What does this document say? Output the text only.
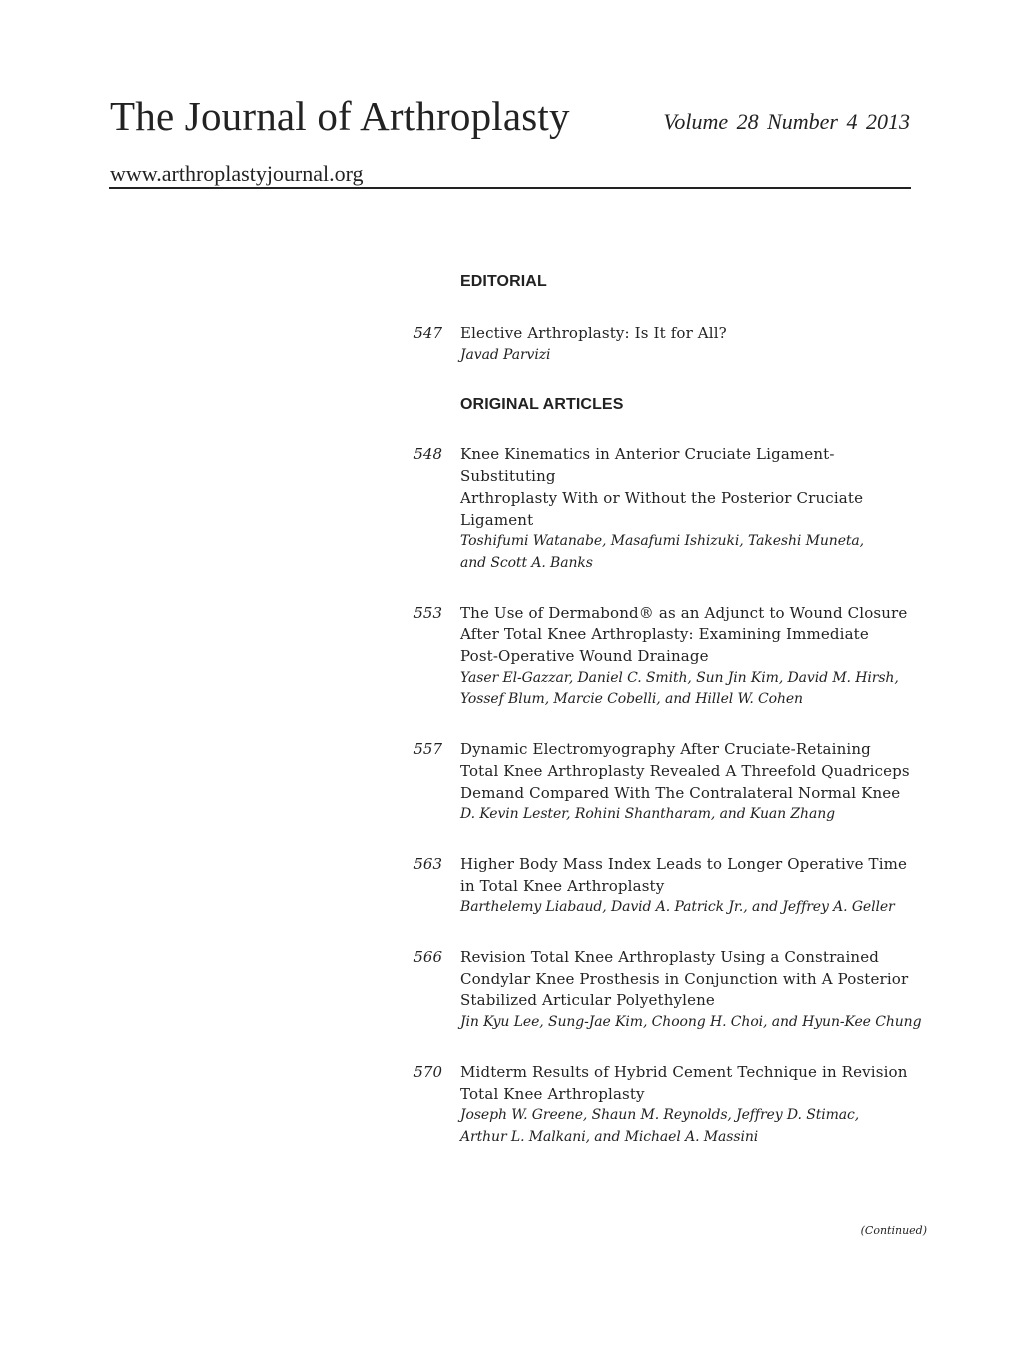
The Journal of Arthroplasty	Volume 28 Number 4 2013
www.arthroplastyjournal.org
EDITORIAL
547 Elective Arthroplasty: Is It for All?
Javad Parvizi
ORIGINAL ARTICLES
548 Knee Kinematics in Anterior Cruciate Ligament-Substituting
Arthroplasty With or Without the Posterior Cruciate Ligament
Toshifumi Watanabe, Masafumi Ishizuki, Takeshi Muneta,
and Scott A. Banks
553 The Use of Dermabond® as an Adjunct to Wound Closure
After Total Knee Arthroplasty: Examining Immediate
Post-Operative Wound Drainage
Yaser El-Gazzar, Daniel C. Smith, Sun Jin Kim, David M. Hirsh,
Yossef Blum, Marcie Cobelli, and Hillel W. Cohen
557 Dynamic Electromyography After Cruciate-Retaining
Total Knee Arthroplasty Revealed A Threefold Quadriceps
Demand Compared With The Contralateral Normal Knee
D. Kevin Lester, Rohini Shantharam, and Kuan Zhang
563 Higher Body Mass Index Leads to Longer Operative Time
in Total Knee Arthroplasty
Barthelemy Liabaud, David A. Patrick Jr., and Jeffrey A. Geller
566 Revision Total Knee Arthroplasty Using a Constrained
Condylar Knee Prosthesis in Conjunction with A Posterior
Stabilized Articular Polyethylene
Jin Kyu Lee, Sung-Jae Kim, Choong H. Choi, and Hyun-Kee Chung
570 Midterm Results of Hybrid Cement Technique in Revision
Total Knee Arthroplasty
Joseph W. Greene, Shaun M. Reynolds, Jeffrey D. Stimac,
Arthur L. Malkani, and Michael A. Massini
(Continued)
